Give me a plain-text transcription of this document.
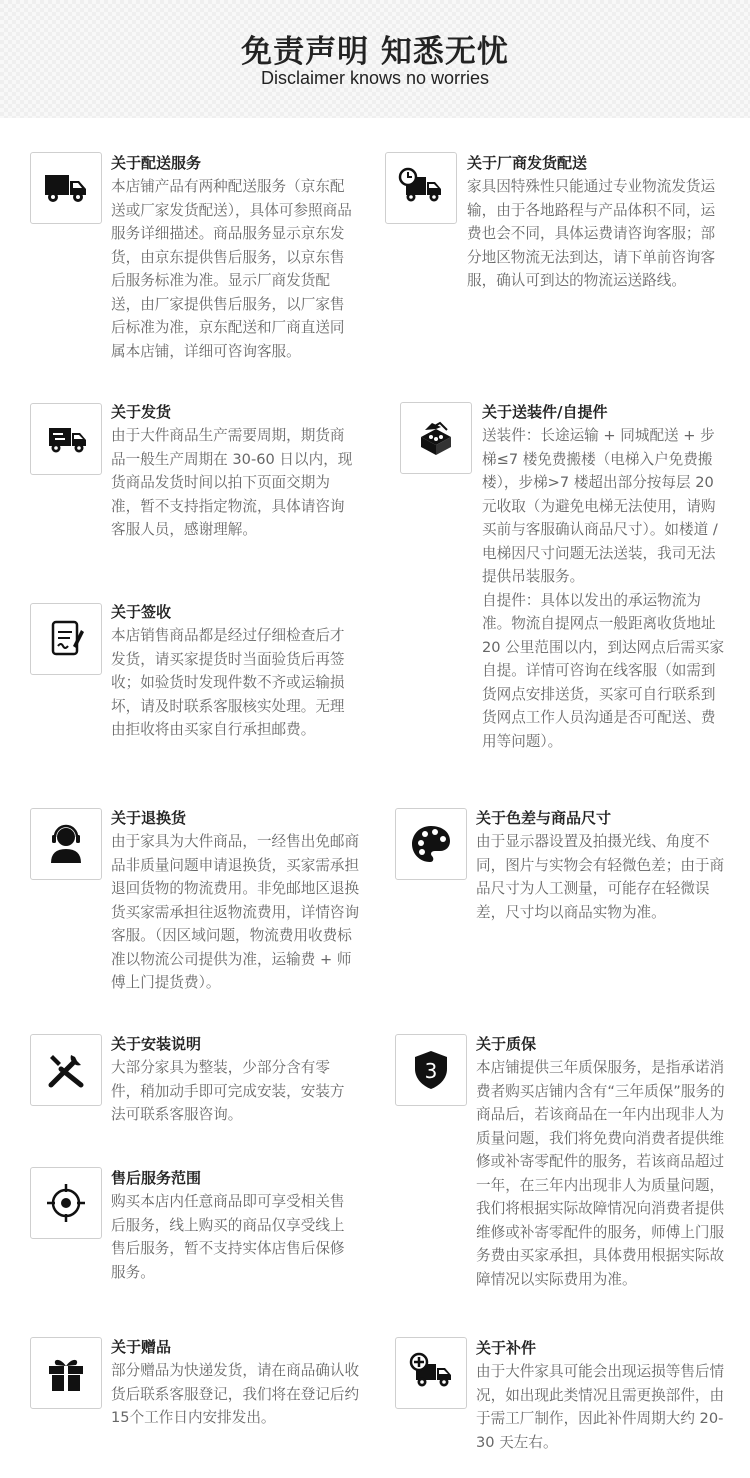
免责声明 知悉无忧
Disclaimer knows no worries
关于配送服务
本店铺产品有两种配送服务（京东配送或厂家发货配送），具体可参照商品服务详细描述。商品服务显示京东发货，由京东提供售后服务，以京东售后服务标准为准。显示厂商发货配送，由厂家提供售后服务，以厂家售后标准为准，京东配送和厂商直送同属本店铺，详细可咨询客服。
关于厂商发货配送
家具因特殊性只能通过专业物流发货运输，由于各地路程与产品体积不同，运费也会不同，具体运费请咨询客服；部分地区物流无法到达，请下单前咨询客服，确认可到达的物流运送路线。
关于发货
由于大件商品生产需要周期，期货商品一般生产周期在 30-60 日以内，现货商品发货时间以拍下页面交期为准，暂不支持指定物流，具体请咨询客服人员，感谢理解。
关于送装件/自提件
送装件：长途运输 + 同城配送 + 步梯≤7 楼免费搬楼（电梯入户免费搬楼），步梯>7 楼超出部分按每层 20 元收取（为避免电梯无法使用，请购买前与客服确认商品尺寸）。如楼道 / 电梯因尺寸问题无法送装，我司无法提供吊装服务。
自提件：具体以发出的承运物流为准。物流自提网点一般距离收货地址 20 公里范围以内，到达网点后需买家自提。详情可咨询在线客服（如需到货网点安排送货，买家可自行联系到货网点工作人员沟通是否可配送、费用等问题）。
关于签收
本店销售商品都是经过仔细检查后才发货，请买家提货时当面验货后再签收；如验货时发现件数不齐或运输损坏，请及时联系客服核实处理。无理由拒收将由买家自行承担邮费。
关于退换货
由于家具为大件商品，一经售出免邮商品非质量问题申请退换货，买家需承担退回货物的物流费用。非免邮地区退换货买家需承担往返物流费用，详情咨询客服。（因区域问题，物流费用收费标准以物流公司提供为准，运输费 + 师傅上门提货费）。
关于色差与商品尺寸
由于显示器设置及拍摄光线、角度不同，图片与实物会有轻微色差；由于商品尺寸为人工测量，可能存在轻微误差，尺寸均以商品实物为准。
关于安装说明
大部分家具为整装，少部分含有零件，稍加动手即可完成安装，安装方法可联系客服咨询。
3
关于质保
本店铺提供三年质保服务，是指承诺消费者购买店铺内含有“三年质保”服务的商品后，若该商品在一年内出现非人为质量问题，我们将免费向消费者提供维修或补寄零配件的服务，若该商品超过一年，在三年内出现非人为质量问题，我们将根据实际故障情况向消费者提供维修或补寄零配件的服务，师傅上门服务费由买家承担，具体费用根据实际故障情况以实际费用为准。
售后服务范围
购买本店内任意商品即可享受相关售后服务，线上购买的商品仅享受线上售后服务，暂不支持实体店售后保修服务。
关于赠品
部分赠品为快递发货，请在商品确认收货后联系客服登记，我们将在登记后约15个工作日内安排发出。
关于补件
由于大件家具可能会出现运损等售后情况，如出现此类情况且需更换部件，由于需工厂制作，因此补件周期大约 20-30 天左右。
